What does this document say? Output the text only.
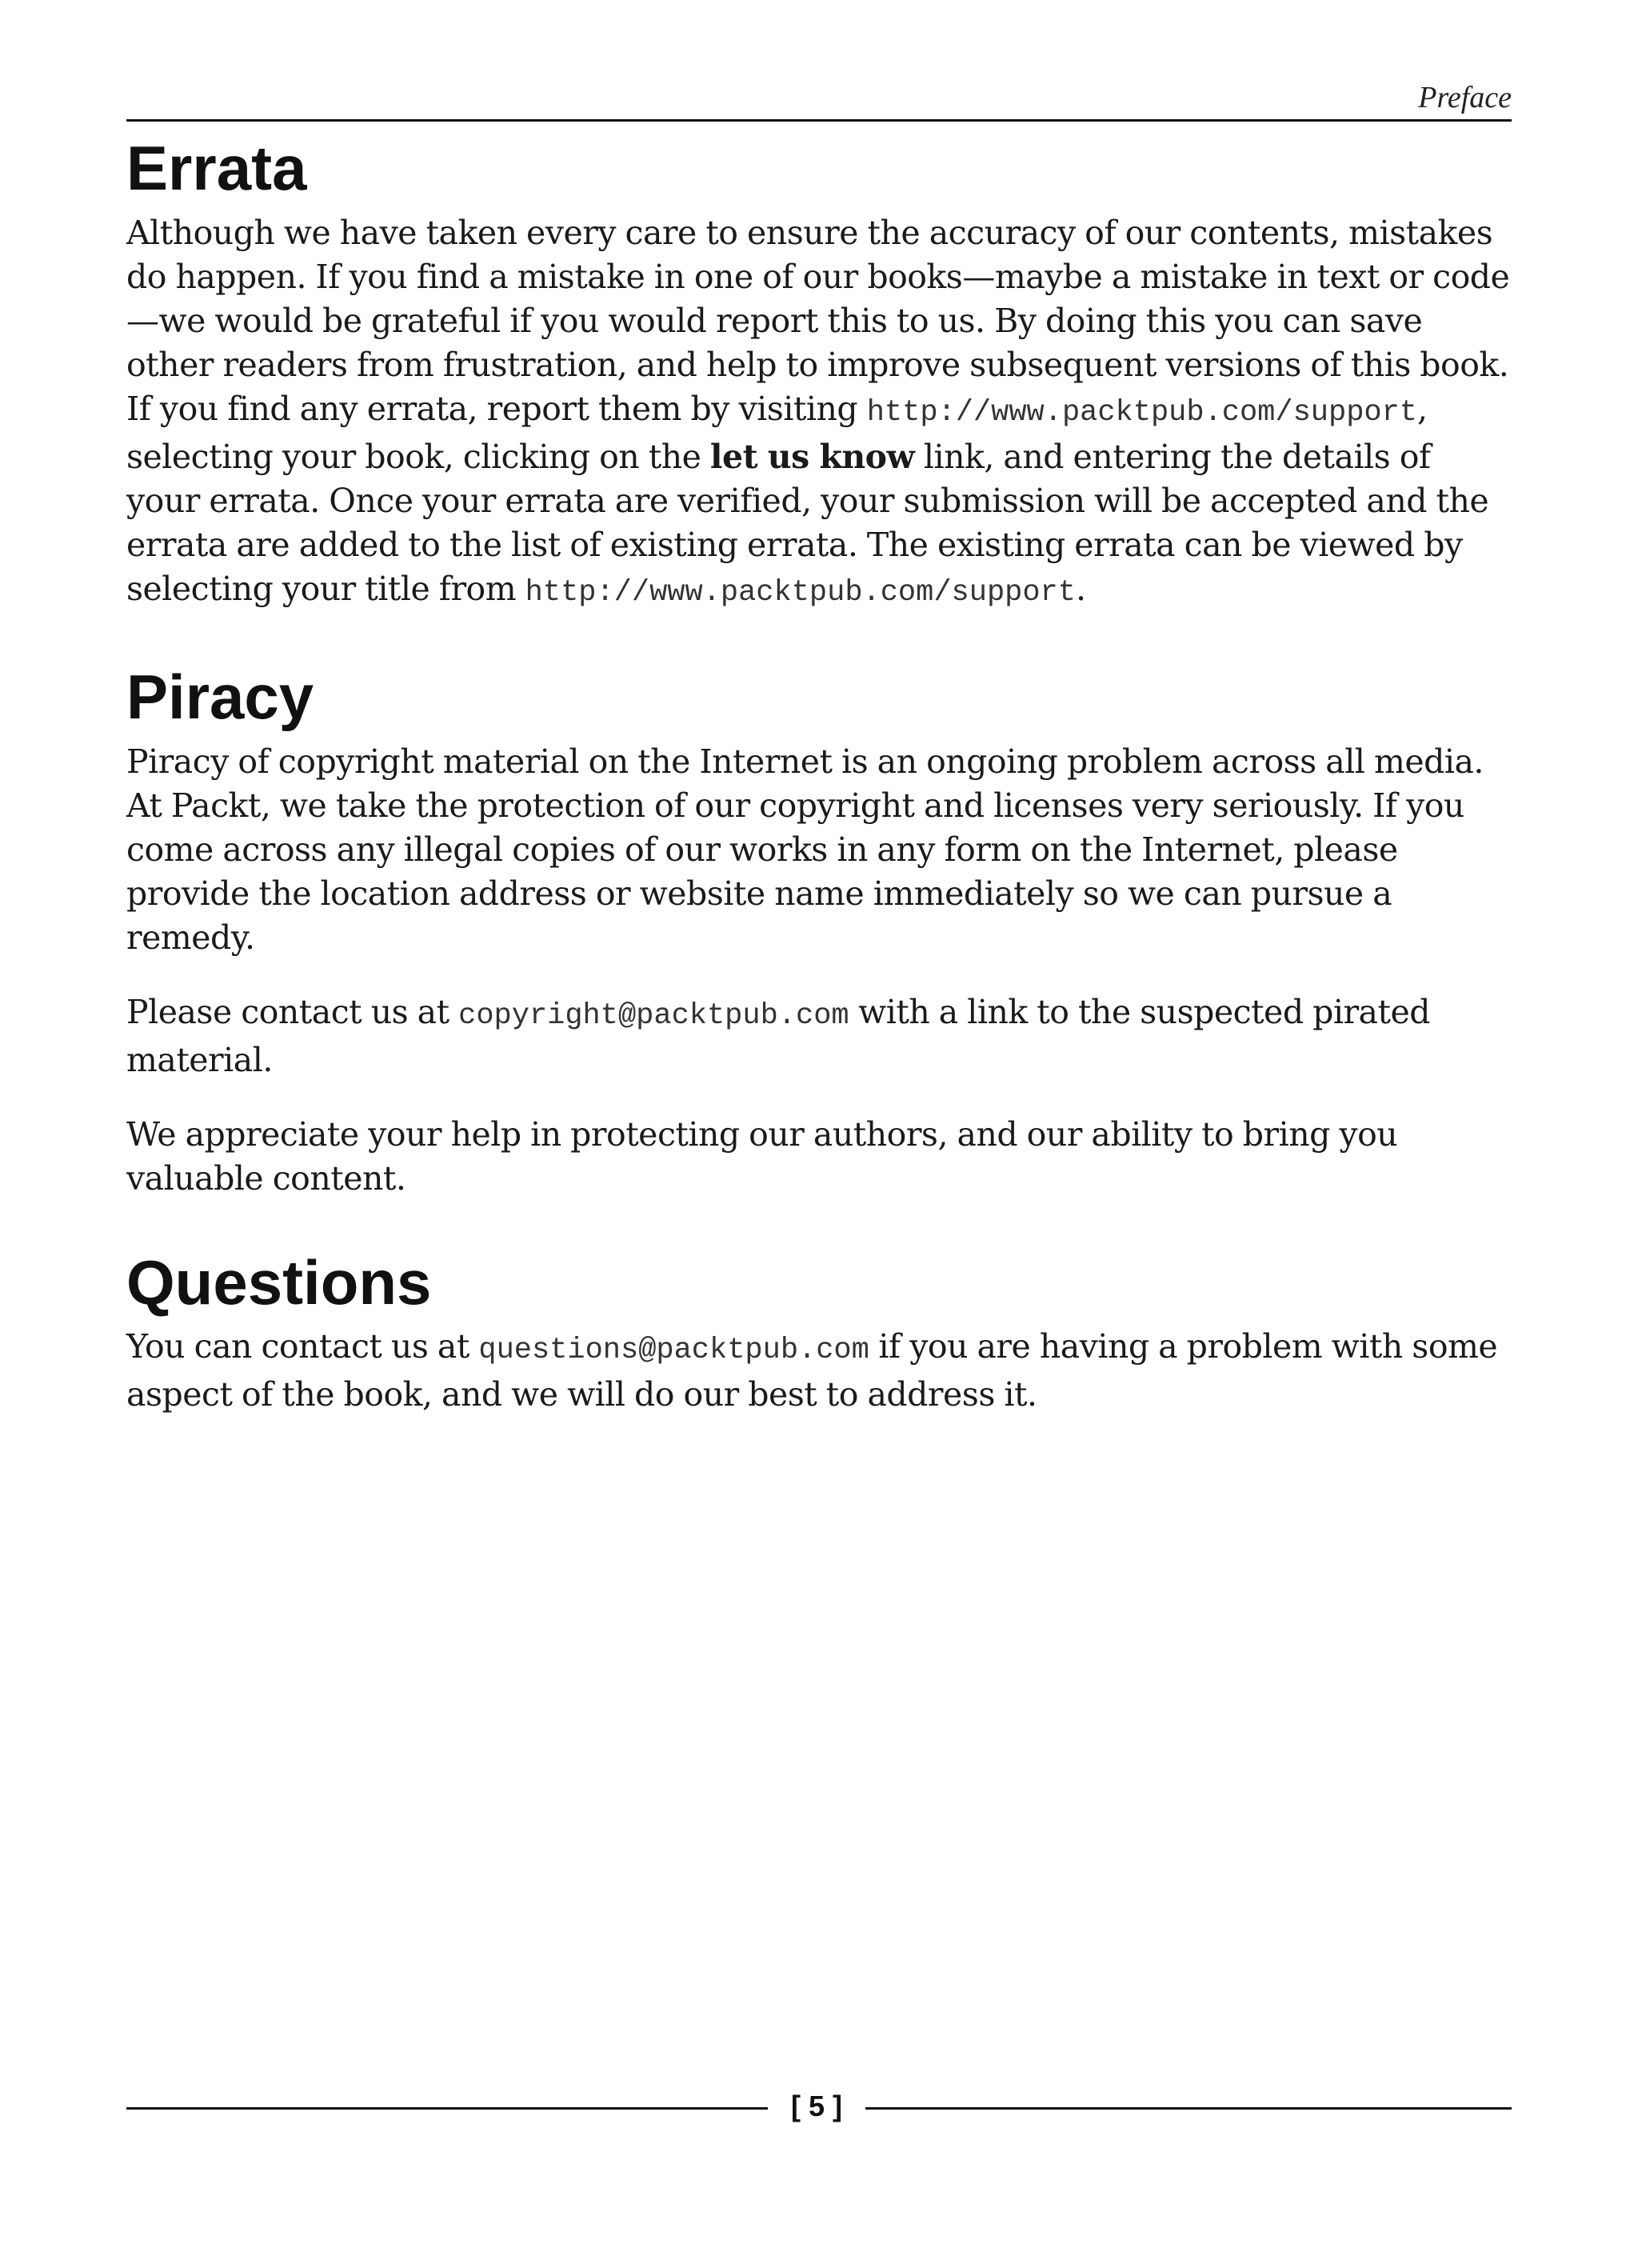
Preface
Errata

Although we have taken every care to ensure the accuracy of our contents, mistakes do happen. If you find a mistake in one of our books—maybe a mistake in text or code—we would be grateful if you would report this to us. By doing this you can save other readers from frustration, and help to improve subsequent versions of this book. If you find any errata, report them by visiting http://www.packtpub.com/support, selecting your book, clicking on the let us know link, and entering the details of your errata. Once your errata are verified, your submission will be accepted and the errata are added to the list of existing errata. The existing errata can be viewed by selecting your title from http://www.packtpub.com/support.

Piracy

Piracy of copyright material on the Internet is an ongoing problem across all media. At Packt, we take the protection of our copyright and licenses very seriously. If you come across any illegal copies of our works in any form on the Internet, please provide the location address or website name immediately so we can pursue a remedy.

Please contact us at copyright@packtpub.com with a link to the suspected pirated material.

We appreciate your help in protecting our authors, and our ability to bring you valuable content.

Questions

You can contact us at questions@packtpub.com if you are having a problem with some aspect of the book, and we will do our best to address it.

[ 5 ]
